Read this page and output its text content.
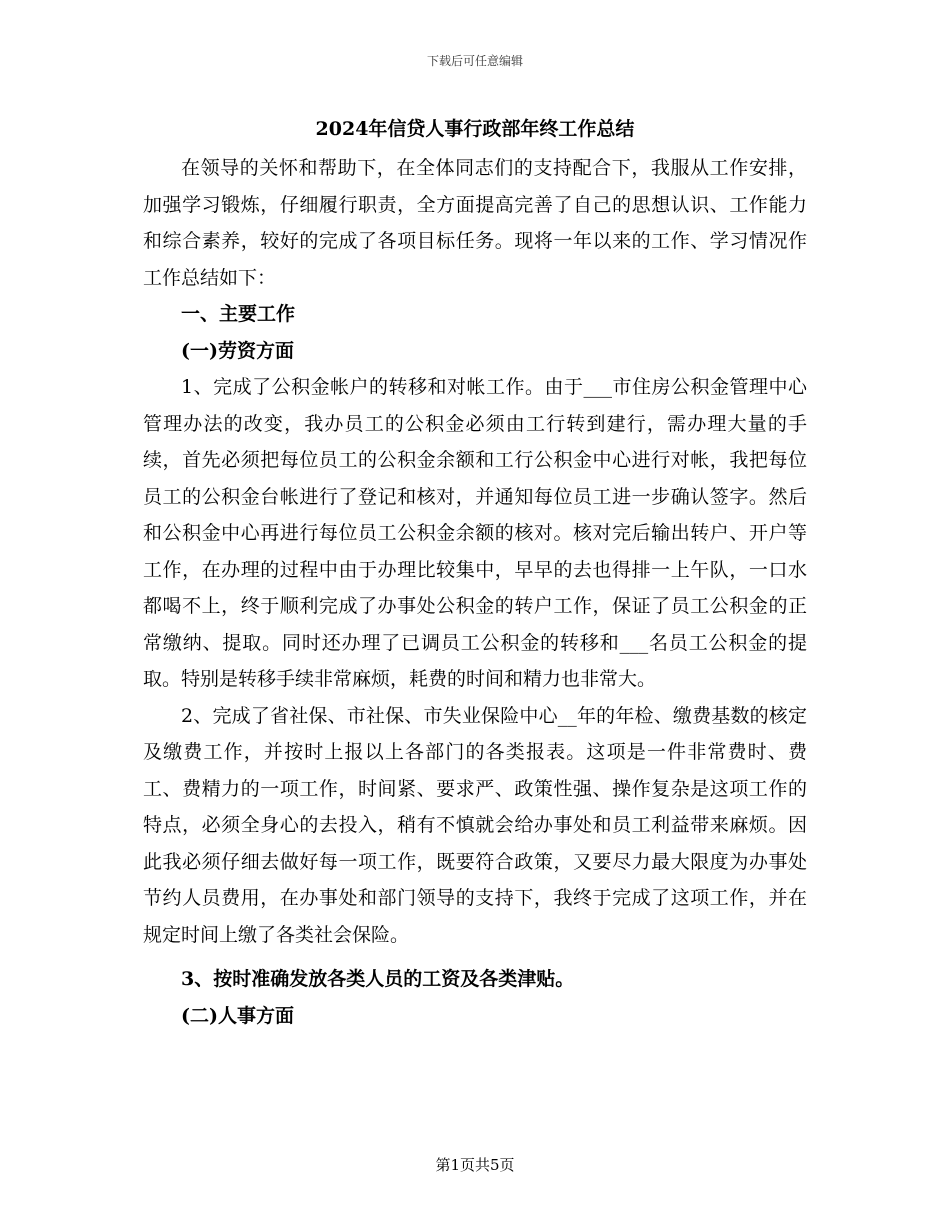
下载后可任意编辑
2024年信贷人事行政部年终工作总结

在领导的关怀和帮助下，在全体同志们的支持配合下，我服从工作安排，加强学习锻炼，仔细履行职责，全方面提高完善了自己的思想认识、工作能力和综合素养，较好的完成了各项目标任务。现将一年以来的工作、学习情况作工作总结如下：

一、主要工作

(一)劳资方面

1、完成了公积金帐户的转移和对帐工作。由于___市住房公积金管理中心管理办法的改变，我办员工的公积金必须由工行转到建行，需办理大量的手续，首先必须把每位员工的公积金余额和工行公积金中心进行对帐，我把每位员工的公积金台帐进行了登记和核对，并通知每位员工进一步确认签字。然后和公积金中心再进行每位员工公积金余额的核对。核对完后输出转户、开户等工作，在办理的过程中由于办理比较集中，早早的去也得排一上午队，一口水都喝不上，终于顺利完成了办事处公积金的转户工作，保证了员工公积金的正常缴纳、提取。同时还办理了已调员工公积金的转移和___名员工公积金的提取。特别是转移手续非常麻烦，耗费的时间和精力也非常大。

2、完成了省社保、市社保、市失业保险中心__年的年检、缴费基数的核定及缴费工作，并按时上报以上各部门的各类报表。这项是一件非常费时、费工、费精力的一项工作，时间紧、要求严、政策性强、操作复杂是这项工作的特点，必须全身心的去投入，稍有不慎就会给办事处和员工利益带来麻烦。因此我必须仔细去做好每一项工作，既要符合政策，又要尽力最大限度为办事处节约人员费用，在办事处和部门领导的支持下，我终于完成了这项工作，并在规定时间上缴了各类社会保险。

3、按时准确发放各类人员的工资及各类津贴。

(二)人事方面

第1页共5页
